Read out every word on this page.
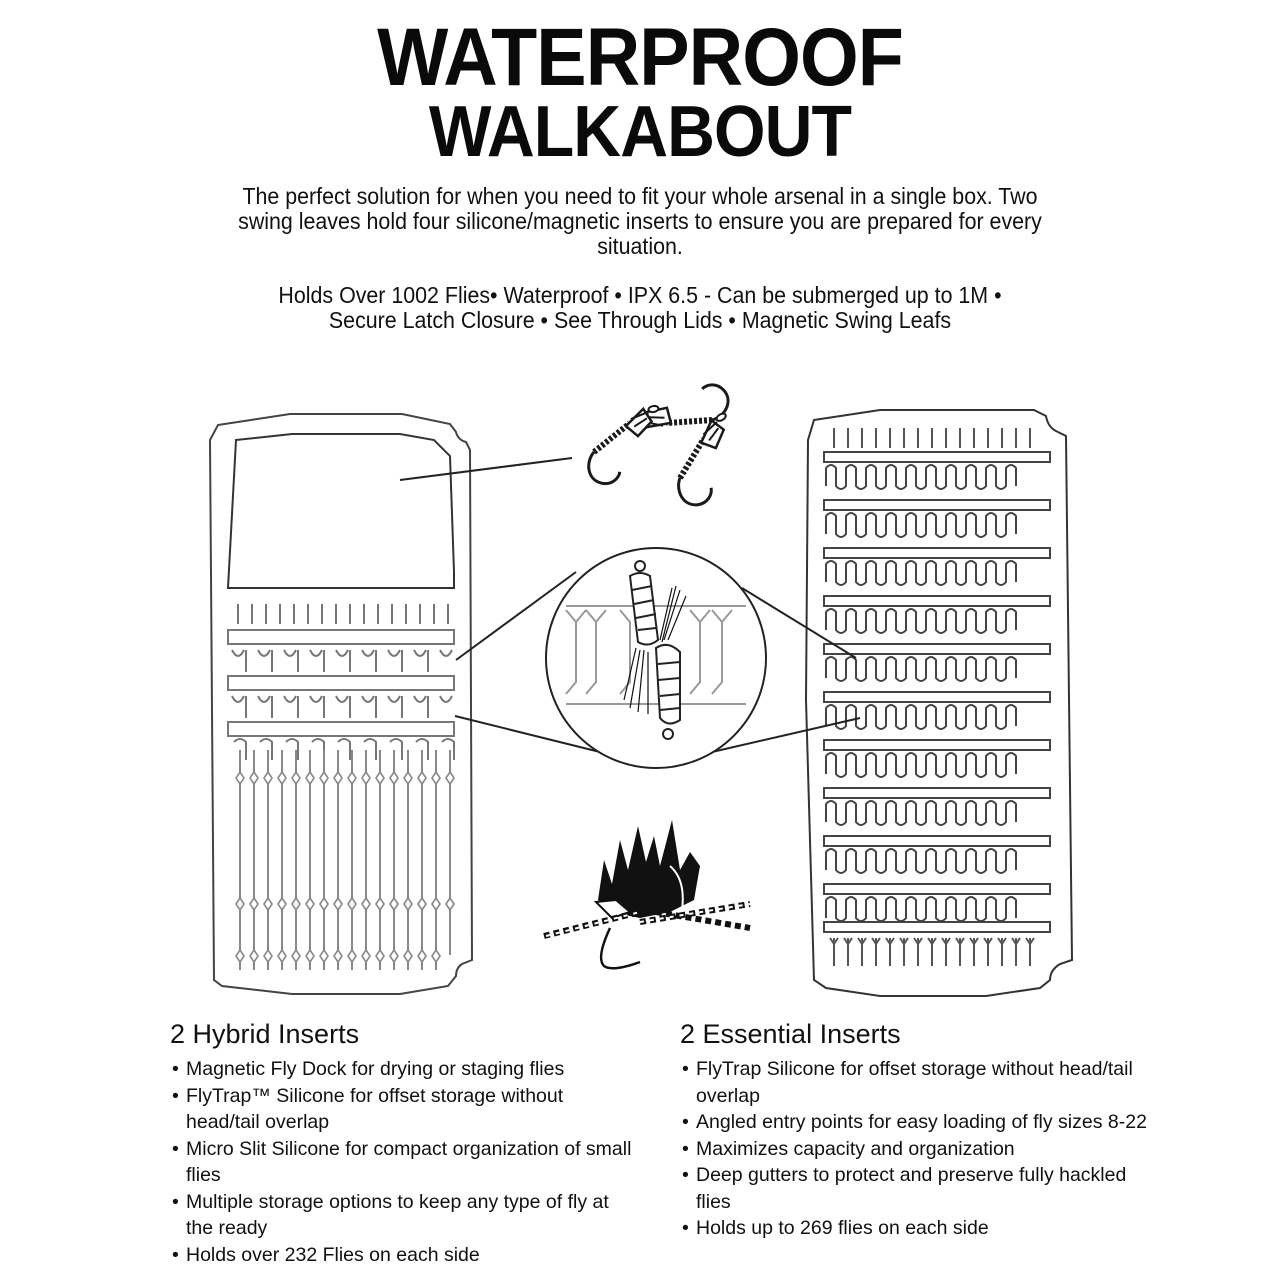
WATERPROOF
WALKABOUT
The perfect solution for when you need to fit your whole arsenal in a single box. Two swing leaves hold four silicone/magnetic inserts to ensure you are prepared for every situation.
Holds Over 1002 Flies• Waterproof • IPX 6.5 - Can be submerged up to 1M •
Secure Latch Closure • See Through Lids • Magnetic Swing Leafs
2 Hybrid Inserts
• Magnetic Fly Dock for drying or staging flies
• FlyTrap™ Silicone for offset storage without head/tail overlap
• Micro Slit Silicone for compact organization of small flies
• Multiple storage options to keep any type of fly at the ready
• Holds over 232 Flies on each side
2 Essential Inserts
• FlyTrap Silicone for offset storage without head/tail overlap
• Angled entry points for easy loading of fly sizes 8-22
• Maximizes capacity and organization
• Deep gutters to protect and preserve fully hackled flies
• Holds up to 269 flies on each side
